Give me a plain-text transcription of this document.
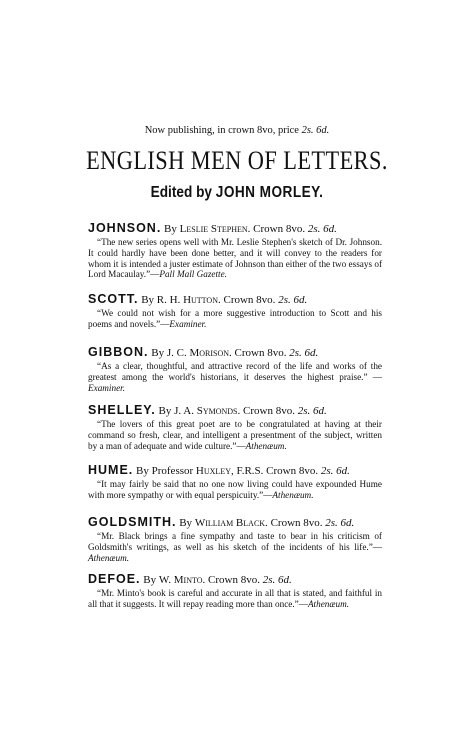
Now publishing, in crown 8vo, price 2s. 6d.
ENGLISH MEN OF LETTERS.
Edited by JOHN MORLEY.
JOHNSON. By Leslie Stephen. Crown 8vo. 2s. 6d.
“The new series opens well with Mr. Leslie Stephen's sketch of Dr. Johnson. It could hardly have been done better, and it will convey to the readers for whom it is intended a juster estimate of Johnson than either of the two essays of Lord Macaulay.”—Pall Mall Gazette.
SCOTT. By R. H. Hutton. Crown 8vo. 2s. 6d.
“We could not wish for a more suggestive introduction to Scott and his poems and novels.”—Examiner.
GIBBON. By J. C. Morison. Crown 8vo. 2s. 6d.
“As a clear, thoughtful, and attractive record of the life and works of the greatest among the world's historians, it deserves the highest praise.” —Examiner.
SHELLEY. By J. A. Symonds. Crown 8vo. 2s. 6d.
“The lovers of this great poet are to be congratulated at having at their command so fresh, clear, and intelligent a presentment of the subject, written by a man of adequate and wide culture.”—Athenæum.
HUME. By Professor Huxley, F.R.S. Crown 8vo. 2s. 6d.
“It may fairly be said that no one now living could have expounded Hume with more sympathy or with equal perspicuity.”—Athenæum.
GOLDSMITH. By William Black. Crown 8vo. 2s. 6d.
“Mr. Black brings a fine sympathy and taste to bear in his criticism of Goldsmith's writings, as well as his sketch of the incidents of his life.”—Athenæum.
DEFOE. By W. Minto. Crown 8vo. 2s. 6d.
“Mr. Minto's book is careful and accurate in all that is stated, and faithful in all that it suggests. It will repay reading more than once.”—Athenæum.
